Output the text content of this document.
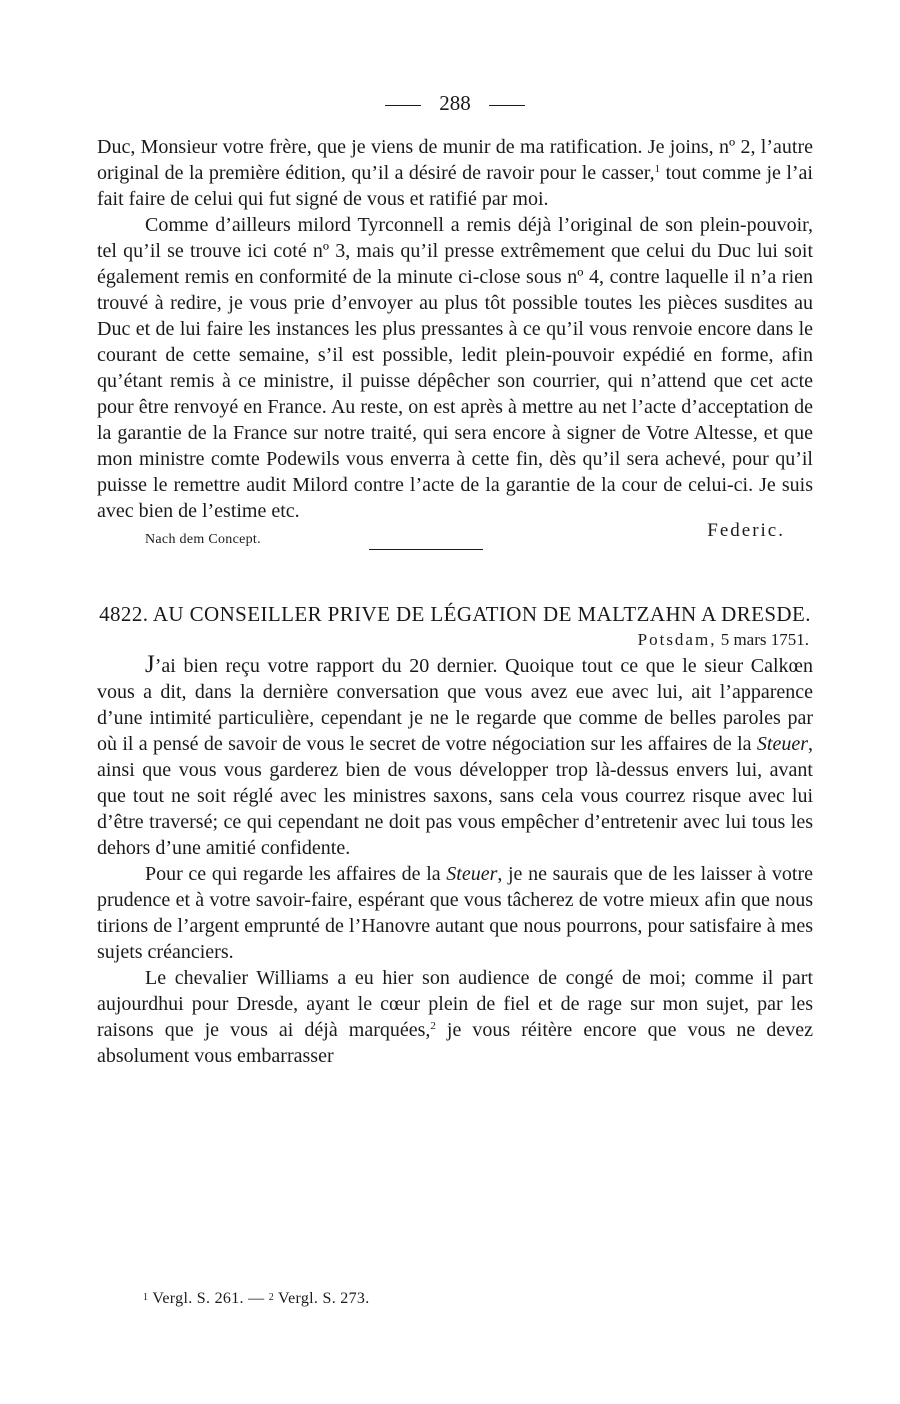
288

Duc, Monsieur votre frère, que je viens de munir de ma ratification. Je joins, nº 2, l’autre original de la première édition, qu’il a désiré de ravoir pour le casser,$^1$ tout comme je l’ai fait faire de celui qui fut signé de vous et ratifié par moi.

Comme d’ailleurs milord Tyrconnell a remis déjà l’original de son plein-pouvoir, tel qu’il se trouve ici coté nº 3, mais qu’il presse extrêmement que celui du Duc lui soit également remis en conformité de la minute ci-close sous nº 4, contre laquelle il n’a rien trouvé à redire, je vous prie d’envoyer au plus tôt possible toutes les pièces susdites au Duc et de lui faire les instances les plus pressantes à ce qu’il vous renvoie encore dans le courant de cette semaine, s’il est possible, ledit plein-pouvoir expédié en forme, afin qu’étant remis à ce ministre, il puisse dépêcher son courrier, qui n’attend que cet acte pour être renvoyé en France. Au reste, on est après à mettre au net l’acte d’acceptation de la garantie de la France sur notre traité, qui sera encore à signer de Votre Altesse, et que mon ministre comte Podewils vous enverra à cette fin, dès qu’il sera achevé, pour qu’il puisse le remettre audit Milord contre l’acte de la garantie de la cour de celui-ci. Je suis avec bien de l’estime etc.

Nach dem Concept.	Federic.
4822. AU CONSEILLER PRIVE DE LÉGATION DE MALTZAHN A DRESDE.
Potsdam, 5 mars 1751.

J’ai bien reçu votre rapport du 20 dernier. Quoique tout ce que le sieur Calkœn vous a dit, dans la dernière conversation que vous avez eue avec lui, ait l’apparence d’une intimité particulière, cependant je ne le regarde que comme de belles paroles par où il a pensé de savoir de vous le secret de votre négociation sur les affaires de la Steuer, ainsi que vous vous garderez bien de vous développer trop là-dessus envers lui, avant que tout ne soit réglé avec les ministres saxons, sans cela vous courrez risque avec lui d’être traversé; ce qui cependant ne doit pas vous empêcher d’entretenir avec lui tous les dehors d’une amitié confidente.

Pour ce qui regarde les affaires de la Steuer, je ne saurais que de les laisser à votre prudence et à votre savoir-faire, espérant que vous tâcherez de votre mieux afin que nous tirions de l’argent emprunté de l’Hanovre autant que nous pourrons, pour satisfaire à mes sujets créanciers.

Le chevalier Williams a eu hier son audience de congé de moi; comme il part aujourdhui pour Dresde, ayant le cœur plein de fiel et de rage sur mon sujet, par les raisons que je vous ai déjà marquées,$^2$ je vous réitère encore que vous ne devez absolument vous embarrasser

$^1$ Vergl. S. 261. — $^2$ Vergl. S. 273.
